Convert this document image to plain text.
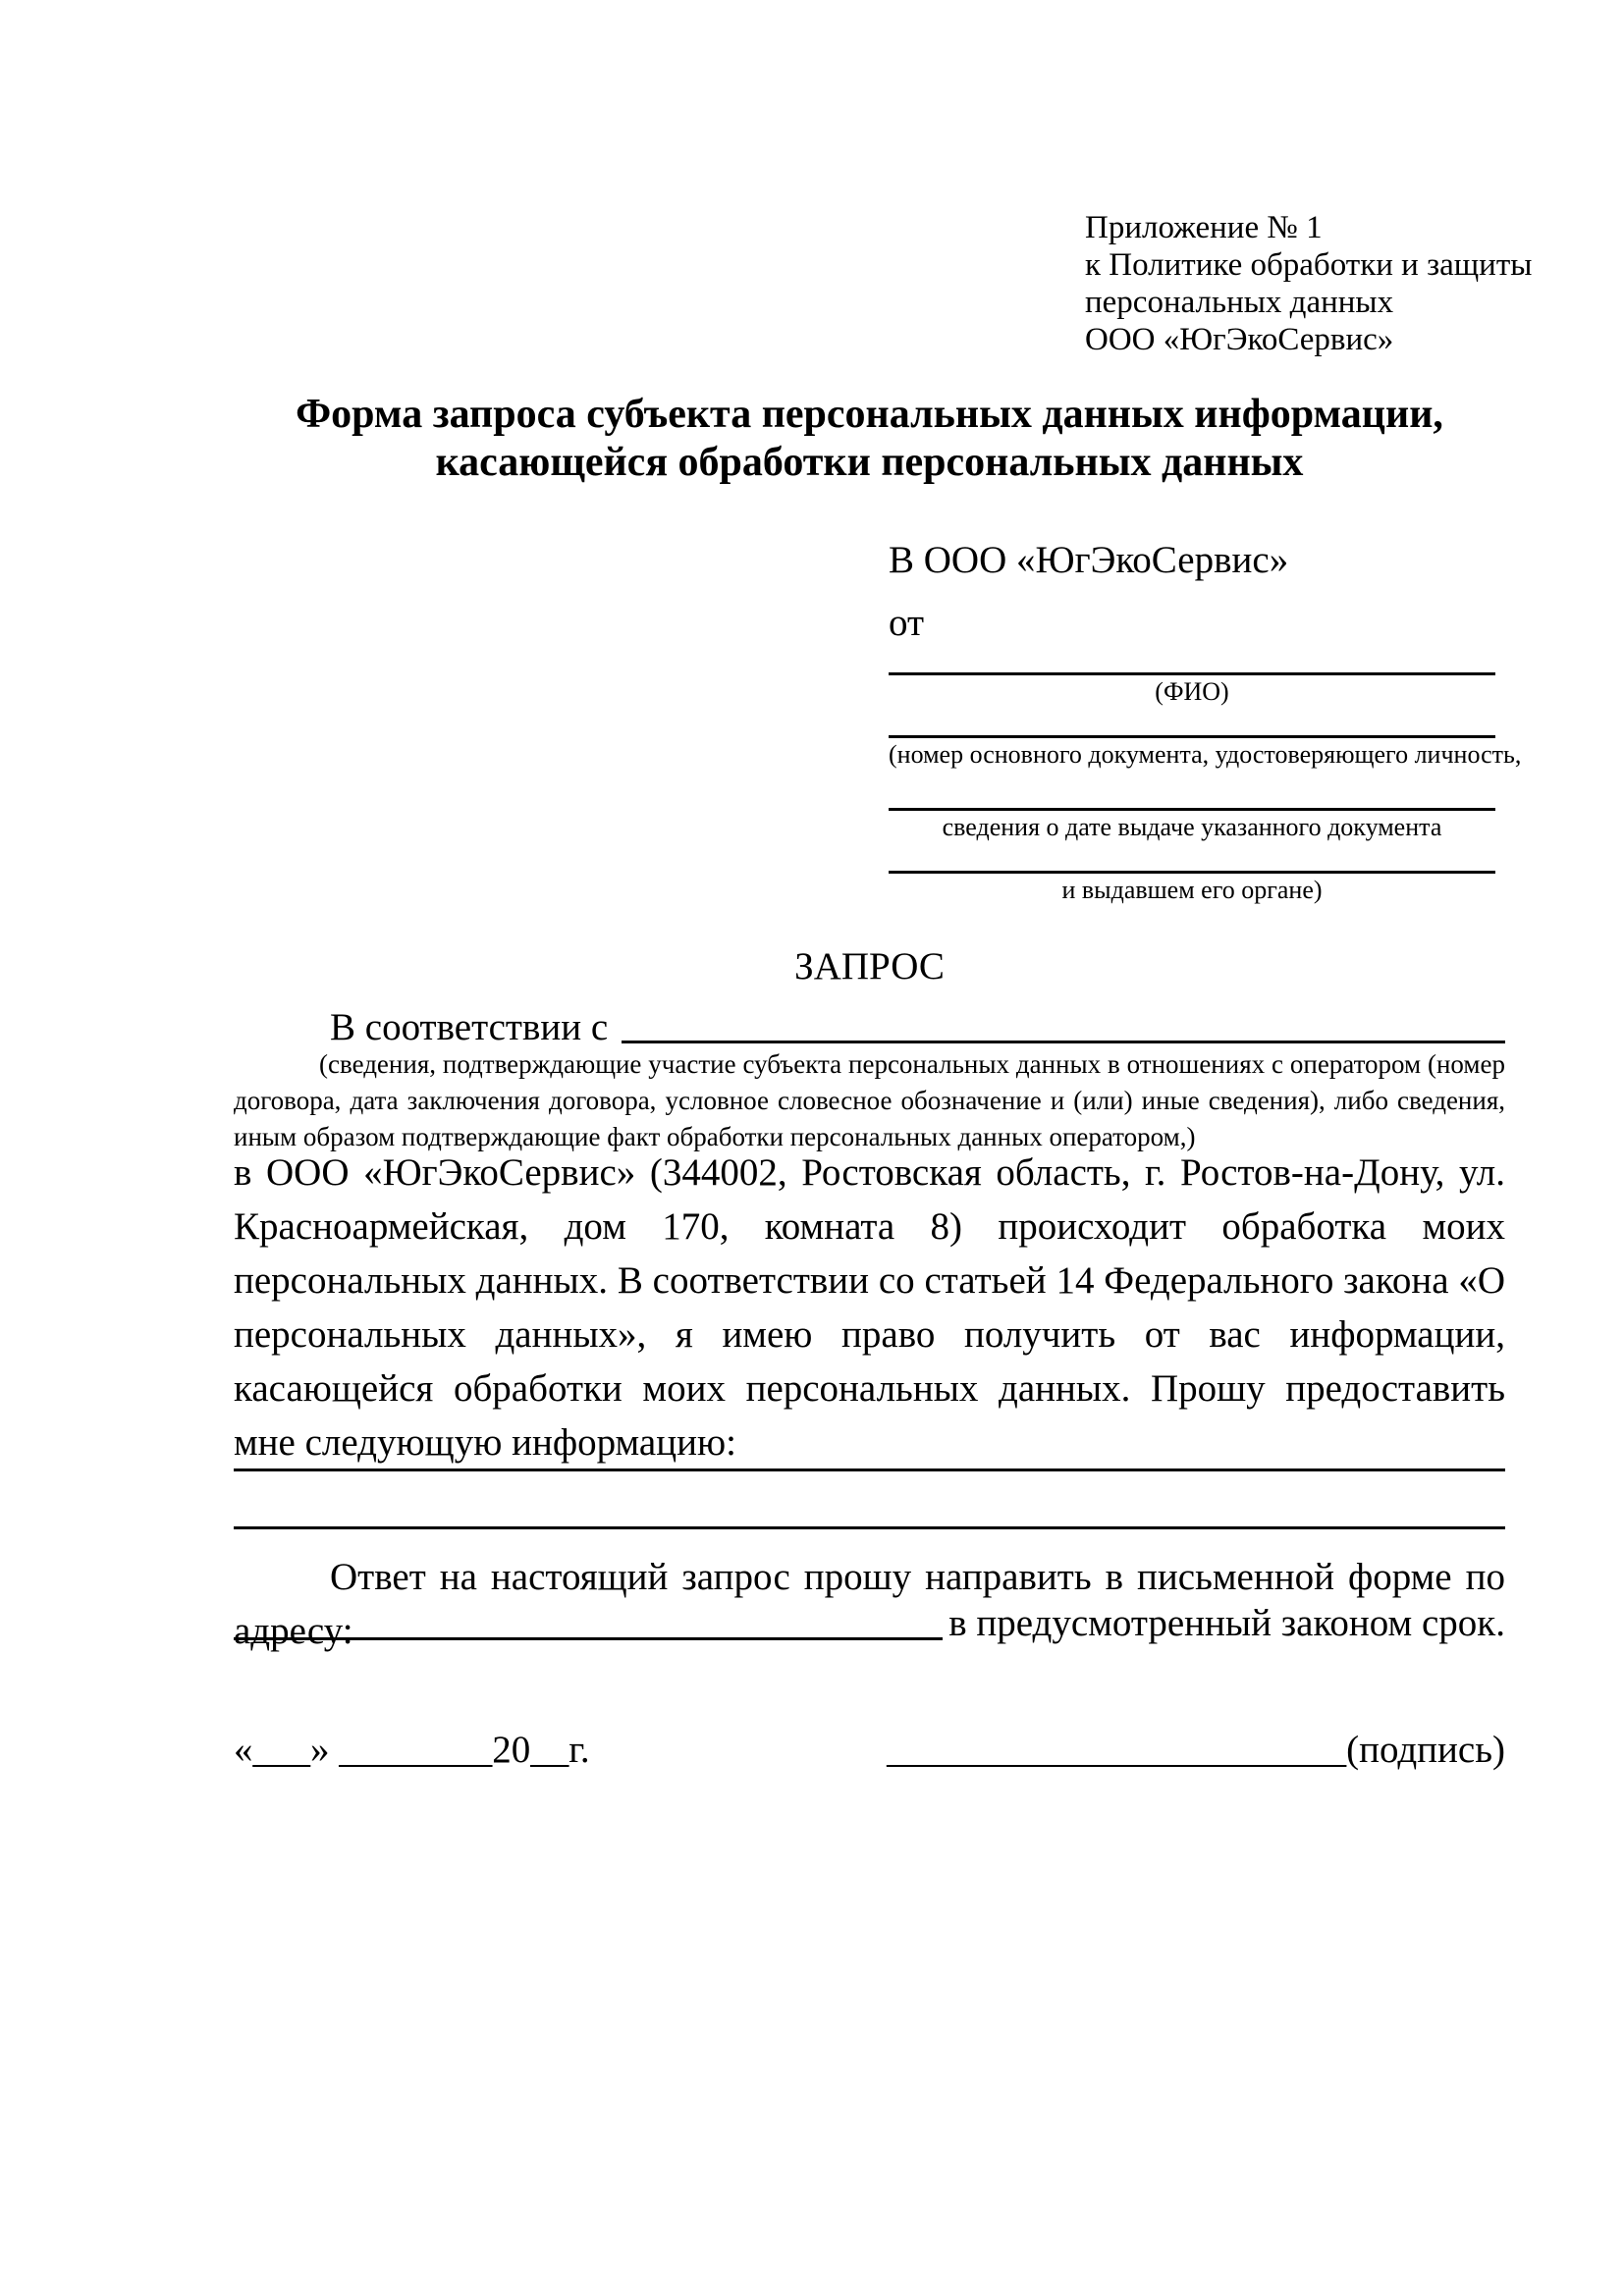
Приложение № 1
к Политике обработки и защиты
персональных данных
ООО «ЮгЭкоСервис»
Форма запроса субъекта персональных данных информации, касающейся обработки персональных данных
В ООО «ЮгЭкоСервис»
от
(ФИО)
(номер основного документа, удостоверяющего личность,
сведения о дате выдаче указанного документа
и выдавшем его органе)
ЗАПРОС
В соответствии с
(сведения, подтверждающие участие субъекта персональных данных в отношениях с оператором (номер договора, дата заключения договора, условное словесное обозначение и (или) иные сведения), либо сведения, иным образом подтверждающие факт обработки персональных данных оператором,)
в ООО «ЮгЭкоСервис» (344002, Ростовская область, г. Ростов-на-Дону, ул. Красноармейская, дом 170, комната 8) происходит обработка моих персональных данных. В соответствии со статьей 14 Федерального закона «О персональных данных», я имею право получить от вас информации, касающейся обработки моих персональных данных. Прошу предоставить мне следующую информацию:
Ответ на настоящий запрос прошу направить в письменной форме по адресу:	в предусмотренный законом срок.
«___» ________20__г.	________________________(подпись)
